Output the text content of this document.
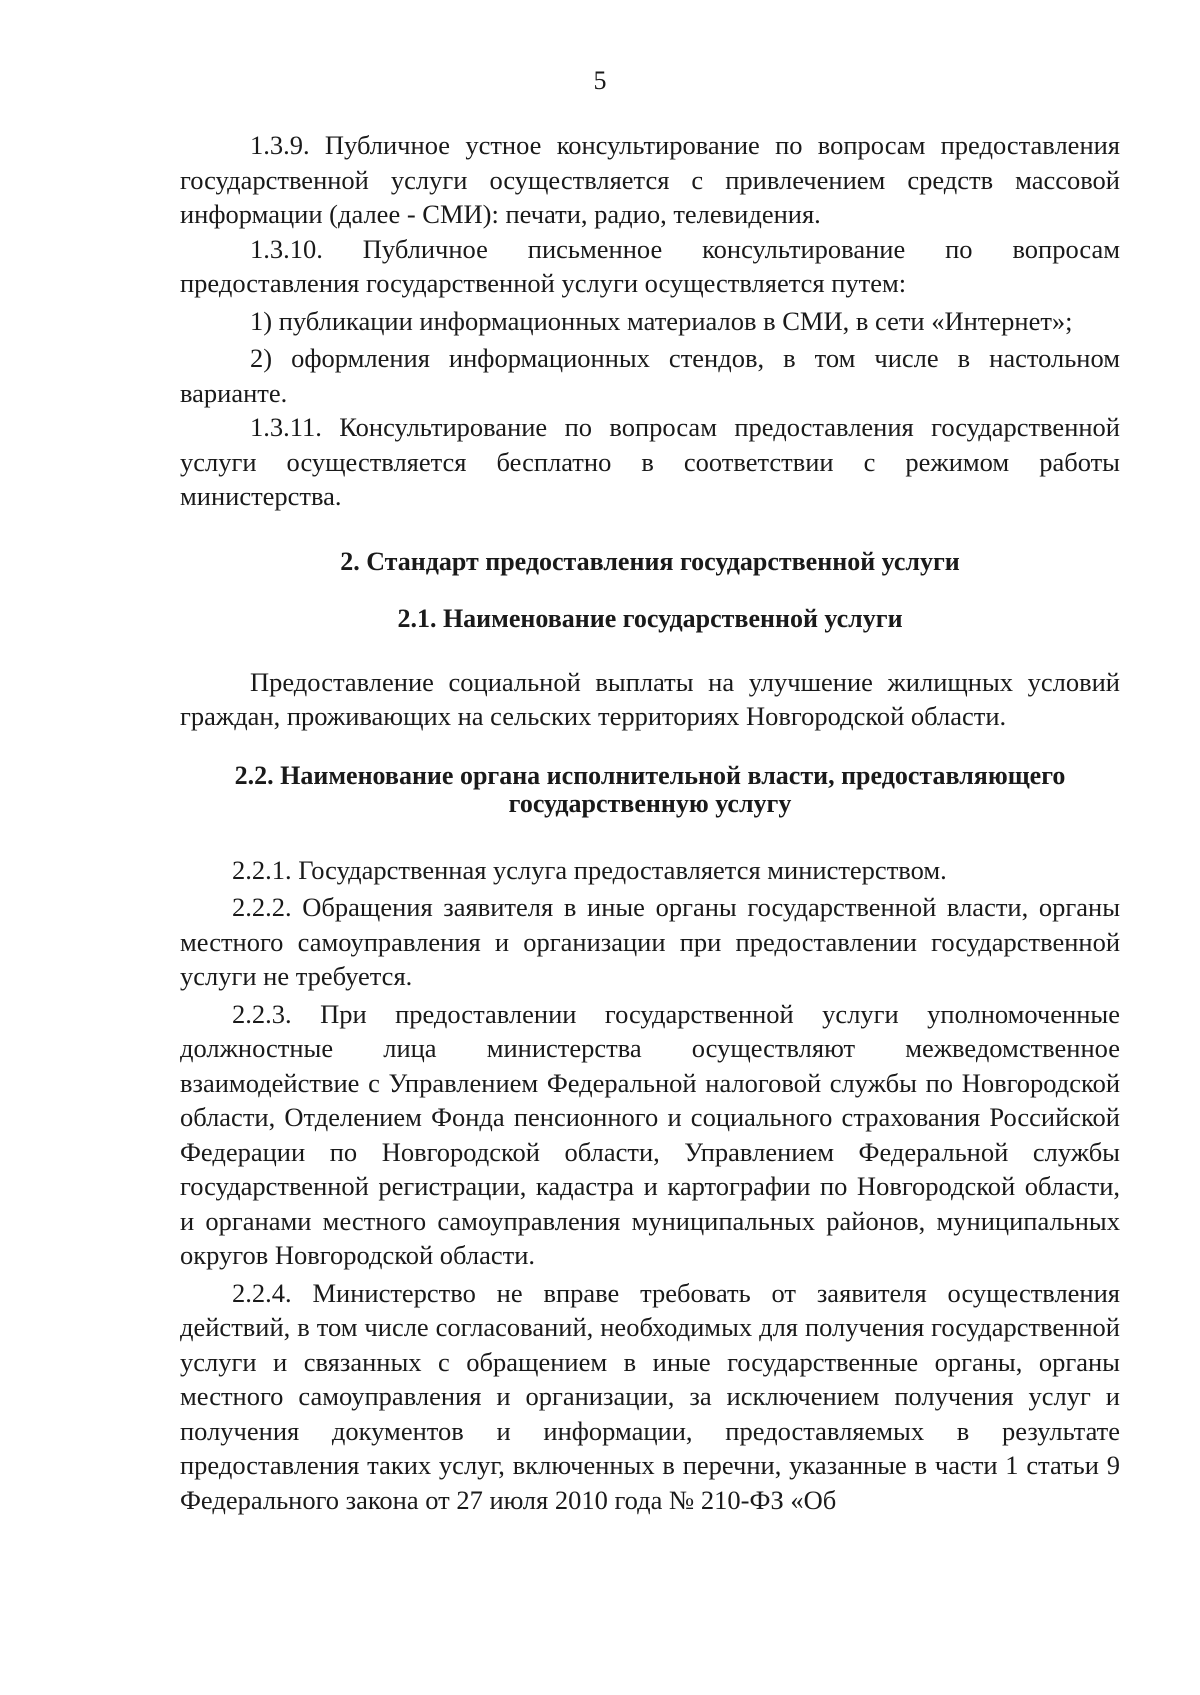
5

1.3.9. Публичное устное консультирование по вопросам предоставления государственной услуги осуществляется с привлечением средств массовой информации (далее - СМИ): печати, радио, телевидения.

1.3.10. Публичное письменное консультирование по вопросам предоставления государственной услуги осуществляется путем:

1) публикации информационных материалов в СМИ, в сети «Интернет»;

2) оформления информационных стендов, в том числе в настольном варианте.

1.3.11. Консультирование по вопросам предоставления государственной услуги осуществляется бесплатно в соответствии с режимом работы министерства.

2. Стандарт предоставления государственной услуги
2.1. Наименование государственной услуги

Предоставление социальной выплаты на улучшение жилищных условий граждан, проживающих на сельских территориях Новгородской области.

2.2. Наименование органа исполнительной власти, предоставляющего
государственную услугу

2.2.1. Государственная услуга предоставляется министерством.

2.2.2. Обращения заявителя в иные органы государственной власти, органы местного самоуправления и организации при предоставлении государственной услуги не требуется.

2.2.3. При предоставлении государственной услуги уполномоченные должностные лица министерства осуществляют межведомственное взаимодействие с Управлением Федеральной налоговой службы по Новгородской области, Отделением Фонда пенсионного и социального страхования Российской Федерации по Новгородской области, Управлением Федеральной службы государственной регистрации, кадастра и картографии по Новгородской области, и органами местного самоуправления муниципальных районов, муниципальных округов Новгородской области.

2.2.4. Министерство не вправе требовать от заявителя осуществления действий, в том числе согласований, необходимых для получения государственной услуги и связанных с обращением в иные государственные органы, органы местного самоуправления и организации, за исключением получения услуг и получения документов и информации, предоставляемых в результате предоставления таких услуг, включенных в перечни, указанные в части 1 статьи 9 Федерального закона от 27 июля 2010 года № 210-ФЗ «Об
